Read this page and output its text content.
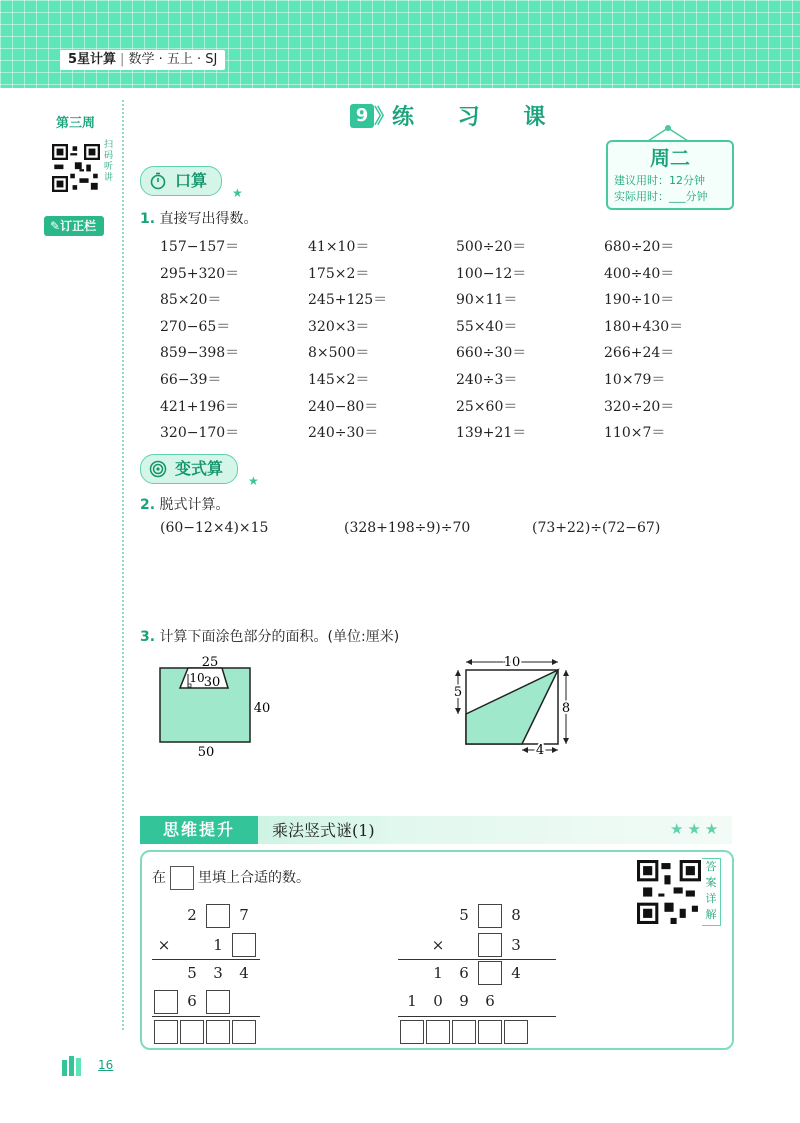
5星计算 | 数学 · 五上 · SJ
第三周
扫码听讲
✎订正栏
9 》
练 习 课
周二
建议用时：12分钟
实际用时：___分钟
口算
★
1. 直接写出得数。
157−157＝	41×10＝	500÷20＝	680÷20＝
295+320＝	175×2＝	100−12＝	400÷40＝
85×20＝	245+125＝	90×11＝	190÷10＝
270−65＝	320×3＝	55×40＝	180+430＝
859−398＝	8×500＝	660÷30＝	266+24＝
66−39＝	145×2＝	240÷3＝	10×79＝
421+196＝	240−80＝	25×60＝	320÷20＝
320−170＝	240÷30＝	139+21＝	110×7＝
变式算
★
2. 脱式计算。
(60−12×4)×15	(328+198÷9)÷70	(73+22)÷(72−67)
3. 计算下面涂色部分的面积。(单位:厘米)
25
30
10
40
50
10
5
8
4
思维提升	乘法竖式谜(1)	★★★
在 里填上合适的数。
答案详解
2	7
×	1
5	3	4
6
5	8
×	3
1	6	4
1	0	9	6
16
